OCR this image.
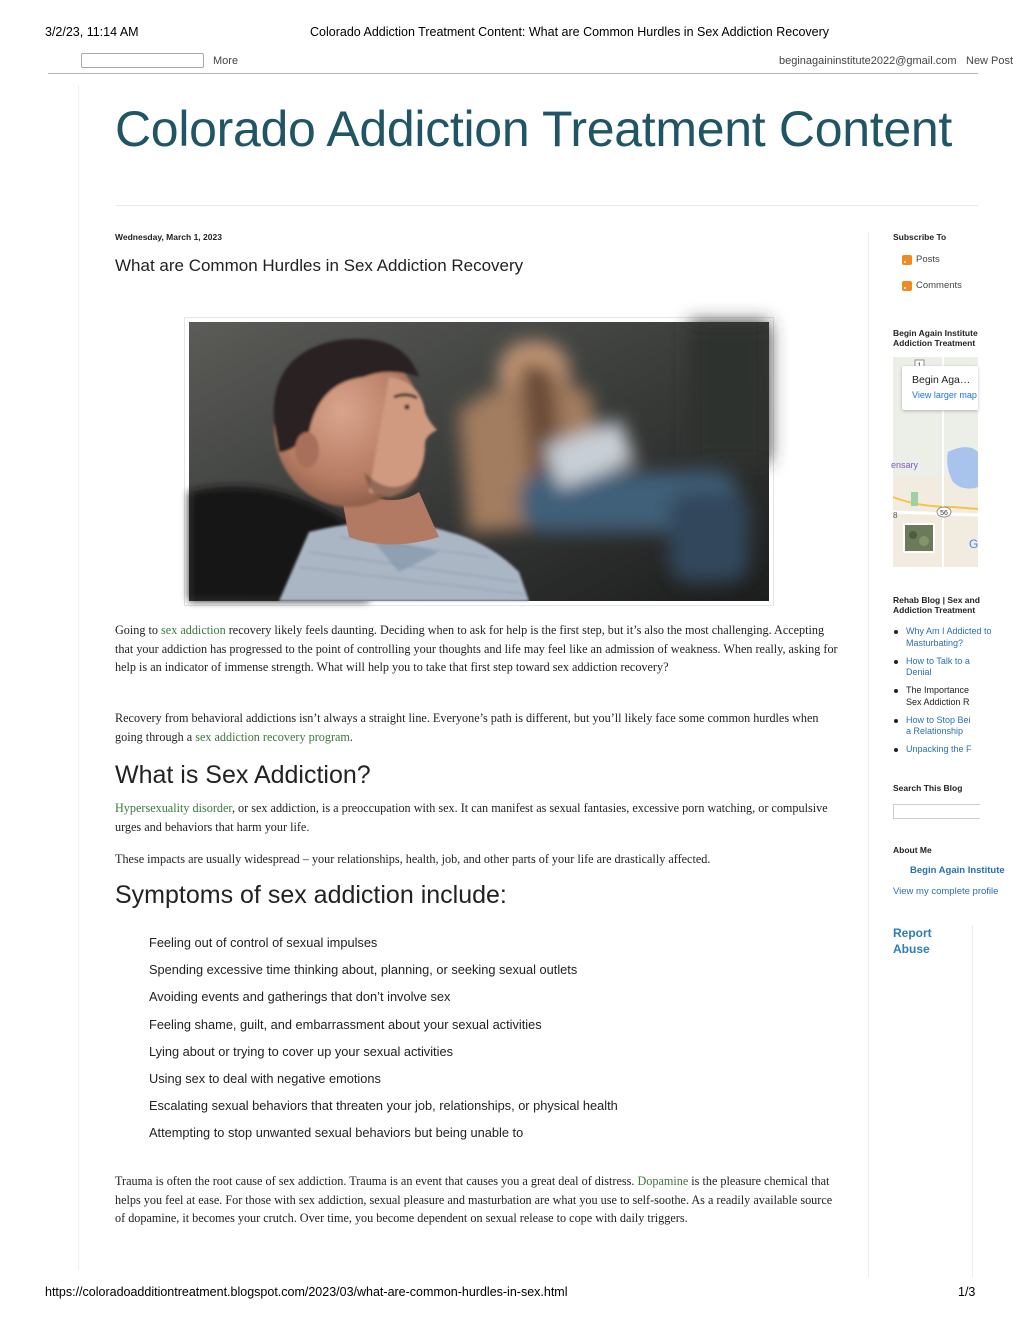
3/2/23, 11:14 AM	Colorado Addiction Treatment Content: What are Common Hurdles in Sex Addiction Recovery
More	beginagaininstitute2022@gmail.com New Post
Colorado Addiction Treatment Content
Wednesday, March 1, 2023
What are Common Hurdles in Sex Addiction Recovery
Going to sex addiction recovery likely feels daunting. Deciding when to ask for help is the first step, but it’s also the most challenging. Accepting that your addiction has progressed to the point of controlling your thoughts and life may feel like an admission of weakness. When really, asking for help is an indicator of immense strength. What will help you to take that first step toward sex addiction recovery?
Recovery from behavioral addictions isn’t always a straight line. Everyone’s path is different, but you’ll likely face some common hurdles when going through a sex addiction recovery program.
What is Sex Addiction?
Hypersexuality disorder, or sex addiction, is a preoccupation with sex. It can manifest as sexual fantasies, excessive porn watching, or compulsive urges and behaviors that harm your life.
These impacts are usually widespread – your relationships, health, job, and other parts of your life are drastically affected.
Symptoms of sex addiction include:
Feeling out of control of sexual impulses
Spending excessive time thinking about, planning, or seeking sexual outlets
Avoiding events and gatherings that don’t involve sex
Feeling shame, guilt, and embarrassment about your sexual activities
Lying about or trying to cover up your sexual activities
Using sex to deal with negative emotions
Escalating sexual behaviors that threaten your job, relationships, or physical health
Attempting to stop unwanted sexual behaviors but being unable to
Trauma is often the root cause of sex addiction. Trauma is an event that causes you a great deal of distress. Dopamine is the pleasure chemical that helps you feel at ease. For those with sex addiction, sexual pleasure and masturbation are what you use to self-soothe. As a readily available source of dopamine, it becomes your crutch. Over time, you become dependent on sexual release to cope with daily triggers.
Subscribe To
Posts
Comments
Begin Again Institute
Addiction Treatment
ensary
8	56
G
Begin Aga…
View larger map
Rehab Blog | Sex and
Addiction Treatment
Why Am I Addicted to
Masturbating?
How to Talk to a
Denial
The Importance
Sex Addiction R
How to Stop Bei
a Relationship
Unpacking the F
Search This Blog
About Me
Begin Again Institute
View my complete profile
Report Abuse
https://coloradoadditiontreatment.blogspot.com/2023/03/what-are-common-hurdles-in-sex.html	1/3
